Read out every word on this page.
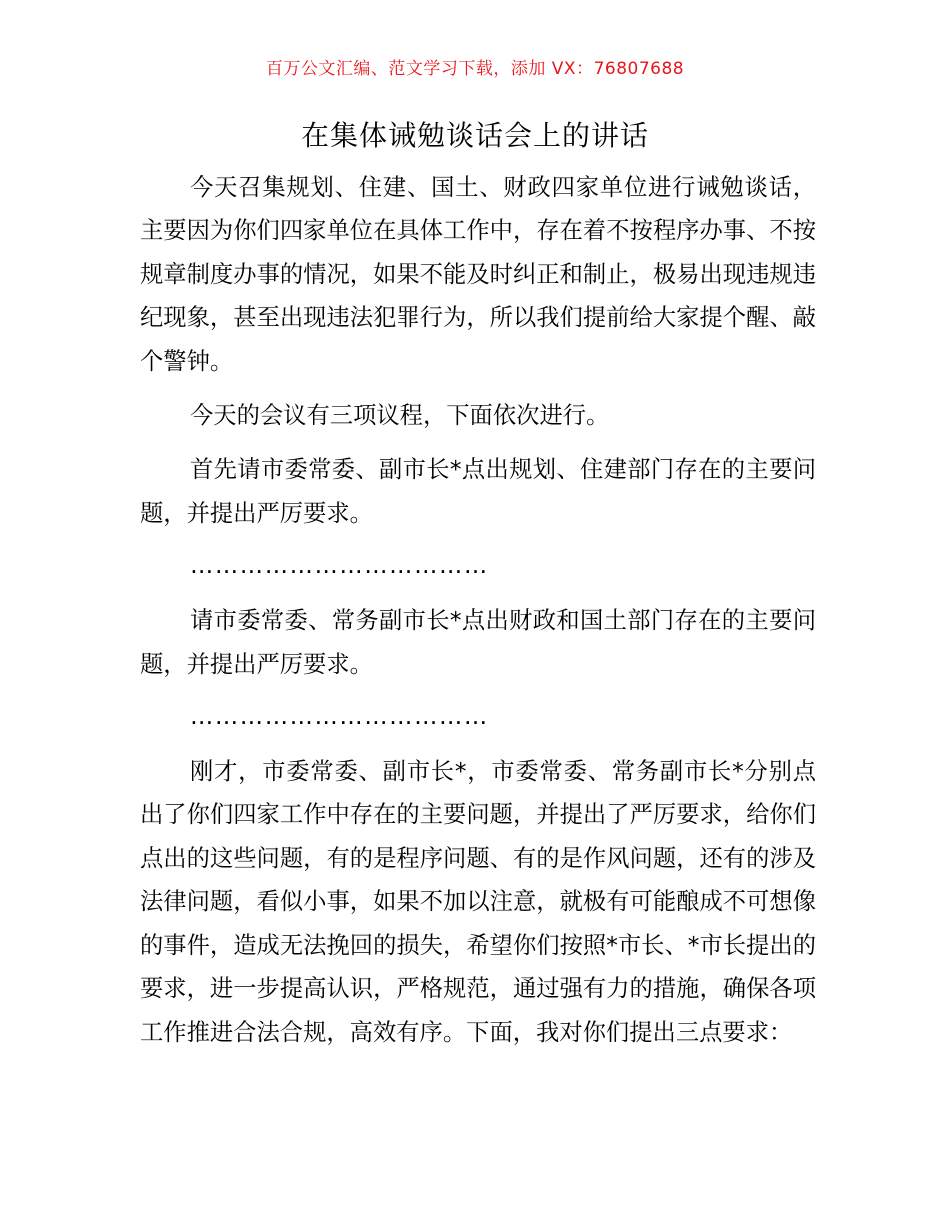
百万公文汇编、范文学习下载，添加 VX：76807688
在集体诫勉谈话会上的讲话

今天召集规划、住建、国土、财政四家单位进行诫勉谈话，主要因为你们四家单位在具体工作中，存在着不按程序办事、不按规章制度办事的情况，如果不能及时纠正和制止，极易出现违规违纪现象，甚至出现违法犯罪行为，所以我们提前给大家提个醒、敲个警钟。

今天的会议有三项议程，下面依次进行。

首先请市委常委、副市长*点出规划、住建部门存在的主要问题，并提出严厉要求。

………………………………

请市委常委、常务副市长*点出财政和国土部门存在的主要问题，并提出严厉要求。

………………………………

刚才，市委常委、副市长*，市委常委、常务副市长*分别点出了你们四家工作中存在的主要问题，并提出了严厉要求，给你们点出的这些问题，有的是程序问题、有的是作风问题，还有的涉及法律问题，看似小事，如果不加以注意，就极有可能酿成不可想像的事件，造成无法挽回的损失，希望你们按照*市长、*市长提出的要求，进一步提高认识，严格规范，通过强有力的措施，确保各项工作推进合法合规，高效有序。下面，我对你们提出三点要求：
